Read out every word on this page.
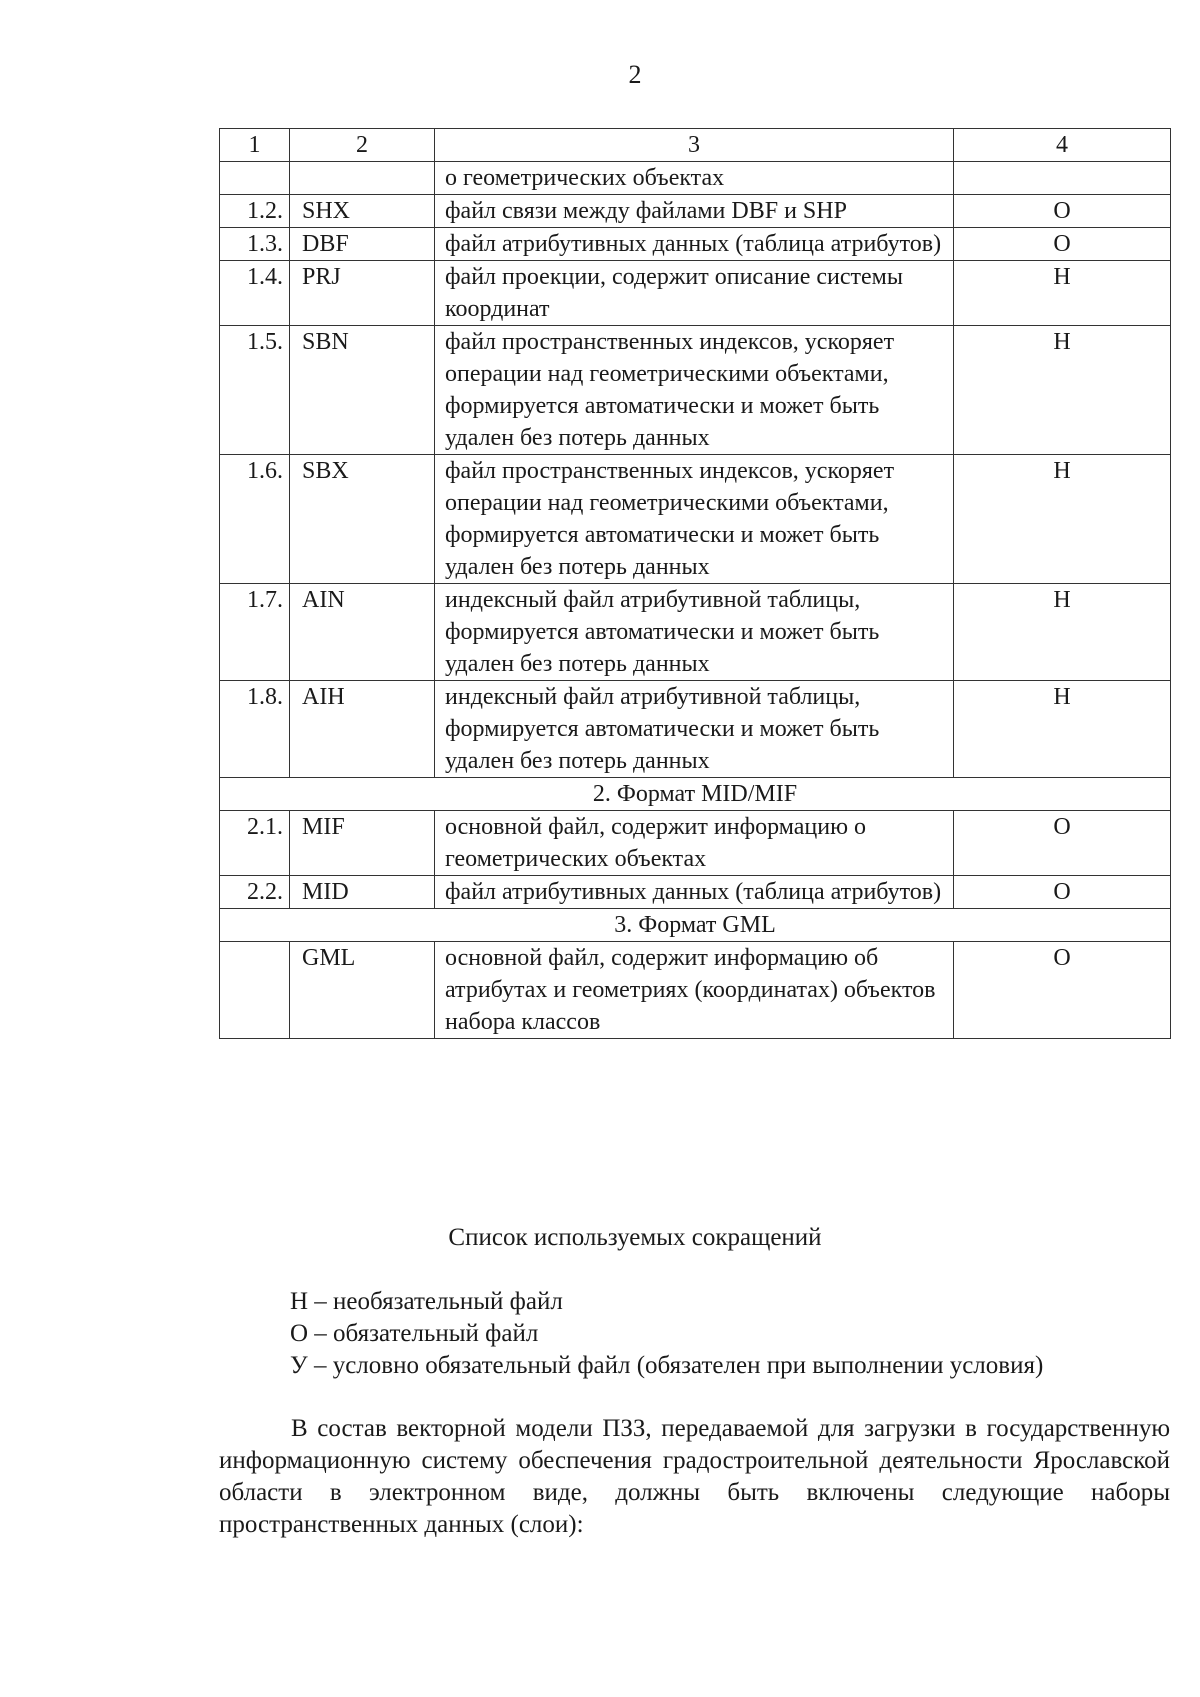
2
1	2	3	4
		о геометрических объектах	
1.2.	SHX	файл связи между файлами DBF и SHP	О
1.3.	DBF	файл атрибутивных данных (таблица атрибутов)	О
1.4.	PRJ	файл проекции, содержит описание системы координат	Н
1.5.	SBN	файл пространственных индексов, ускоряет операции над геометрическими объектами, формируется автоматически и может быть удален без потерь данных	Н
1.6.	SBX	файл пространственных индексов, ускоряет операции над геометрическими объектами, формируется автоматически и может быть удален без потерь данных	Н
1.7.	AIN	индексный файл атрибутивной таблицы, формируется автоматически и может быть удален без потерь данных	Н
1.8.	AIH	индексный файл атрибутивной таблицы, формируется автоматически и может быть удален без потерь данных	Н
2. Формат MID/MIF			
2.1.	MIF	основной файл, содержит информацию о геометрических объектах	О
2.2.	MID	файл атрибутивных данных (таблица атрибутов)	О
3. Формат GML			
	GML	основной файл, содержит информацию об атрибутах и геометриях (координатах) объектов набора классов	О
Список используемых сокращений
Н – необязательный файл
О – обязательный файл
У – условно обязательный файл (обязателен при выполнении условия)
В состав векторной модели ПЗЗ, передаваемой для загрузки в государственную информационную систему обеспечения градостроительной деятельности Ярославской области в электронном виде, должны быть включены следующие наборы пространственных данных (слои):
